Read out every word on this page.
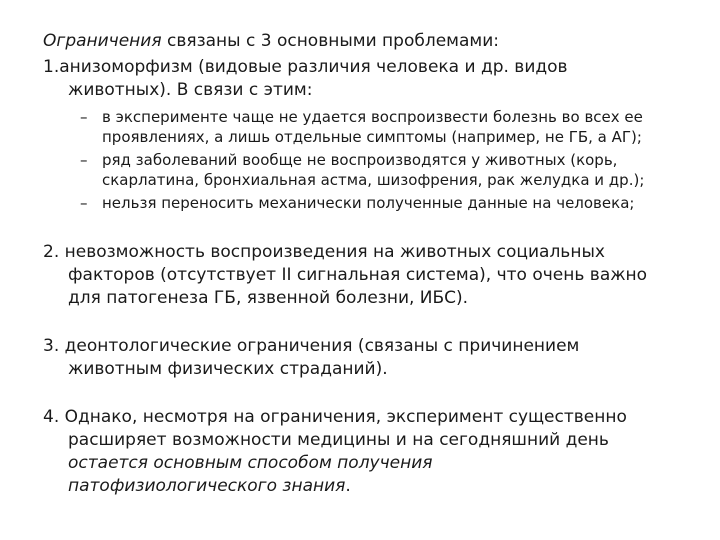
Ограничения связаны с 3 основными проблемами:
1.анизоморфизм (видовые различия человека и др. видов
животных). В связи с этим:
– в эксперименте чаще не удается воспроизвести болезнь во всех ее
проявлениях, а лишь отдельные симптомы (например, не ГБ, а АГ);
– ряд заболеваний вообще не воспроизводятся у животных (корь,
скарлатина, бронхиальная астма, шизофрения, рак желудка и др.);
– нельзя переносить механически полученные данные на человека;
2. невозможность воспроизведения на животных социальных
факторов (отсутствует II сигнальная система), что очень важно
для патогенеза ГБ, язвенной болезни, ИБС).
3. деонтологические ограничения (связаны с причинением
животным физических страданий).
4. Однако, несмотря на ограничения, эксперимент существенно
расширяет возможности медицины и на сегодняшний день
остается основным способом получения
патофизиологического знания.
